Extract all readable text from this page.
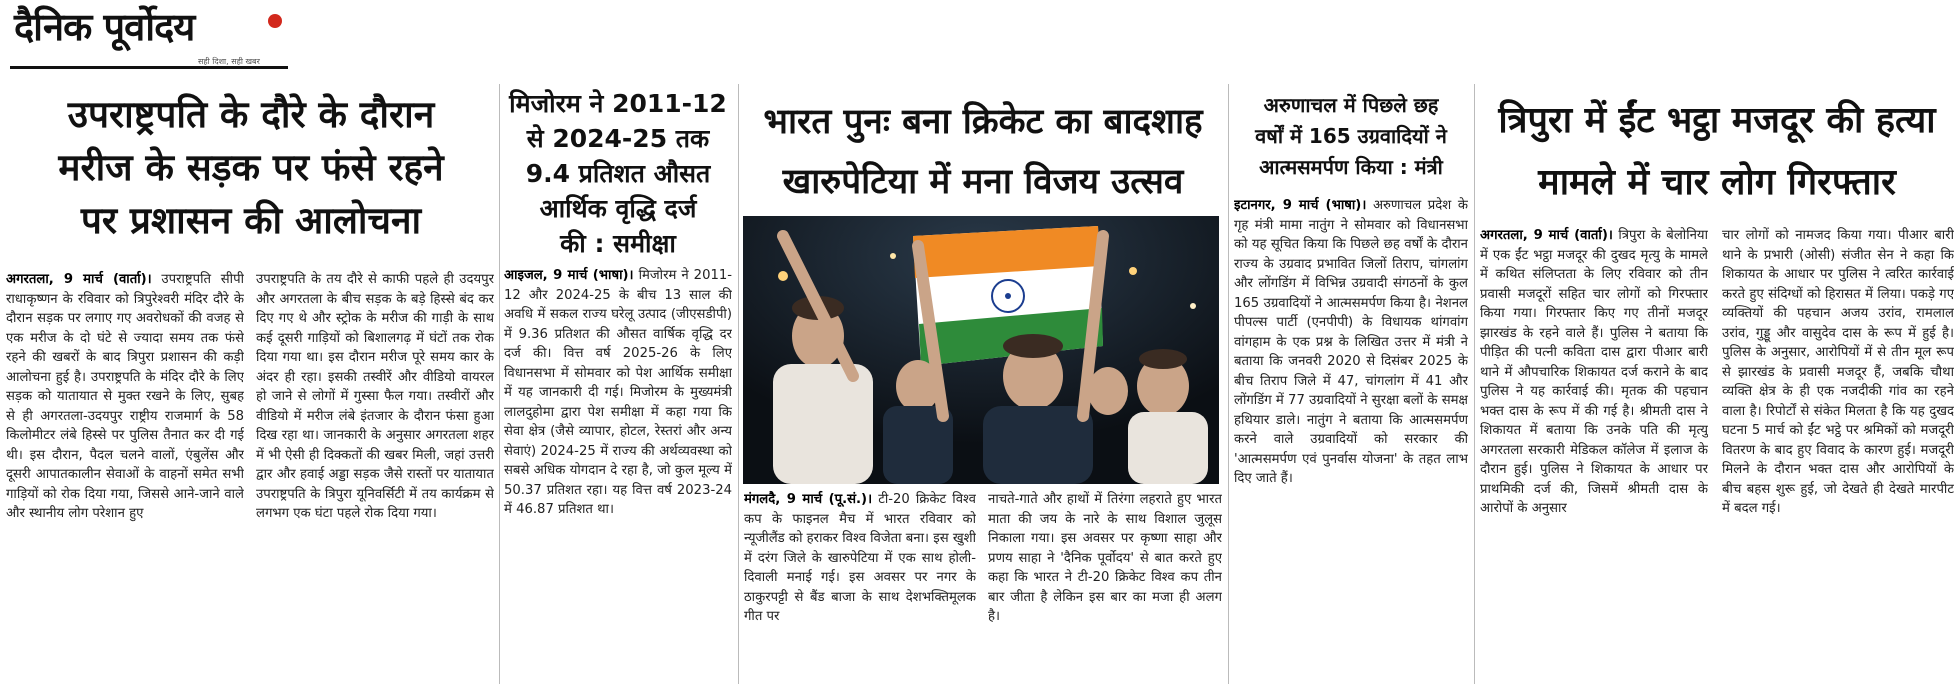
दैनिक पूर्वोदय
सही दिशा, सही खबर
उपराष्ट्रपति के दौरे के दौरान
मरीज के सड़क पर फंसे रहने
पर प्रशासन की आलोचना

अगरतला, 9 मार्च (वार्ता)। उपराष्ट्रपति सीपी राधाकृष्णन के रविवार को त्रिपुरेश्वरी मंदिर दौरे के दौरान सड़क पर लगाए गए अवरोधकों की वजह से एक मरीज के दो घंटे से ज्यादा समय तक फंसे रहने की खबरों के बाद त्रिपुरा प्रशासन की कड़ी आलोचना हुई है। उपराष्ट्रपति के मंदिर दौरे के लिए सड़क को यातायात से मुक्त रखने के लिए, सुबह से ही अगरतला-उदयपुर राष्ट्रीय राजमार्ग के 58 किलोमीटर लंबे हिस्से पर पुलिस तैनात कर दी गई थी। इस दौरान, पैदल चलने वालों, एंबुलेंस और दूसरी आपातकालीन सेवाओं के वाहनों समेत सभी गाड़ियों को रोक दिया गया, जिससे आने-जाने वाले और स्थानीय लोग परेशान हुए

उपराष्ट्रपति के तय दौरे से काफी पहले ही उदयपुर और अगरतला के बीच सड़क के बड़े हिस्से बंद कर दिए गए थे और स्ट्रोक के मरीज की गाड़ी के साथ कई दूसरी गाड़ियों को बिशालगढ़ में घंटों तक रोक दिया गया था। इस दौरान मरीज पूरे समय कार के अंदर ही रहा। इसकी तस्वीरें और वीडियो वायरल हो जाने से लोगों में गुस्सा फैल गया। तस्वीरों और वीडियो में मरीज लंबे इंतजार के दौरान फंसा हुआ दिख रहा था। जानकारी के अनुसार अगरतला शहर में भी ऐसी ही दिक्कतों की खबर मिली, जहां उत्तरी द्वार और हवाई अड्डा सड़क जैसे रास्तों पर यातायात उपराष्ट्रपति के त्रिपुरा यूनिवर्सिटी में तय कार्यक्रम से लगभग एक घंटा पहले रोक दिया गया।

मिजोरम ने 2011-12
से 2024-25 तक
9.4 प्रतिशत औसत
आर्थिक वृद्धि दर्ज
की : समीक्षा

आइजल, 9 मार्च (भाषा)। मिजोरम ने 2011-12 और 2024-25 के बीच 13 साल की अवधि में सकल राज्य घरेलू उत्पाद (जीएसडीपी) में 9.36 प्रतिशत की औसत वार्षिक वृद्धि दर दर्ज की। वित्त वर्ष 2025-26 के लिए विधानसभा में सोमवार को पेश आर्थिक समीक्षा में यह जानकारी दी गई। मिजोरम के मुख्यमंत्री लालदुहोमा द्वारा पेश समीक्षा में कहा गया कि सेवा क्षेत्र (जैसे व्यापार, होटल, रेस्तरां और अन्य सेवाएं) 2024-25 में राज्य की अर्थव्यवस्था को सबसे अधिक योगदान दे रहा है, जो कुल मूल्य में 50.37 प्रतिशत रहा। यह वित्त वर्ष 2023-24 में 46.87 प्रतिशत था।

भारत पुनः बना क्रिकेट का बादशाह
खारुपेटिया में मना विजय उत्सव

मंगलदै, 9 मार्च (पू.सं.)। टी-20 क्रिकेट विश्व कप के फाइनल मैच में भारत रविवार को न्यूजीलैंड को हराकर विश्व विजेता बना। इस खुशी में दरंग जिले के खारुपेटिया में एक साथ होली-दिवाली मनाई गई। इस अवसर पर नगर के ठाकुरपट्टी से बैंड बाजा के साथ देशभक्तिमूलक गीत पर

नाचते-गाते और हाथों में तिरंगा लहराते हुए भारत माता की जय के नारे के साथ विशाल जुलूस निकाला गया। इस अवसर पर कृष्णा साहा और प्रणय साहा ने 'दैनिक पूर्वोदय' से बात करते हुए कहा कि भारत ने टी-20 क्रिकेट विश्व कप तीन बार जीता है लेकिन इस बार का मजा ही अलग है।

अरुणाचल में पिछले छह
वर्षों में 165 उग्रवादियों ने
आत्मसमर्पण किया : मंत्री

इटानगर, 9 मार्च (भाषा)। अरुणाचल प्रदेश के गृह मंत्री मामा नातुंग ने सोमवार को विधानसभा को यह सूचित किया कि पिछले छह वर्षों के दौरान राज्य के उग्रवाद प्रभावित जिलों तिराप, चांगलांग और लोंगडिंग में विभिन्न उग्रवादी संगठनों के कुल 165 उग्रवादियों ने आत्मसमर्पण किया है। नेशनल पीपल्स पार्टी (एनपीपी) के विधायक थांगवांग वांगहाम के एक प्रश्न के लिखित उत्तर में मंत्री ने बताया कि जनवरी 2020 से दिसंबर 2025 के बीच तिराप जिले में 47, चांगलांग में 41 और लोंगडिंग में 77 उग्रवादियों ने सुरक्षा बलों के समक्ष हथियार डाले। नातुंग ने बताया कि आत्मसमर्पण करने वाले उग्रवादियों को सरकार की 'आत्मसमर्पण एवं पुनर्वास योजना' के तहत लाभ दिए जाते हैं।

त्रिपुरा में ईंट भट्ठा मजदूर की हत्या
मामले में चार लोग गिरफ्तार

अगरतला, 9 मार्च (वार्ता)। त्रिपुरा के बेलोनिया में एक ईंट भट्ठा मजदूर की दुखद मृत्यु के मामले में कथित संलिप्तता के लिए रविवार को तीन प्रवासी मजदूरों सहित चार लोगों को गिरफ्तार किया गया। गिरफ्तार किए गए तीनों मजदूर झारखंड के रहने वाले हैं। पुलिस ने बताया कि पीड़ित की पत्नी कविता दास द्वारा पीआर बारी थाने में औपचारिक शिकायत दर्ज कराने के बाद पुलिस ने यह कार्रवाई की। मृतक की पहचान भक्त दास के रूप में की गई है। श्रीमती दास ने शिकायत में बताया कि उनके पति की मृत्यु अगरतला सरकारी मेडिकल कॉलेज में इलाज के दौरान हुई। पुलिस ने शिकायत के आधार पर प्राथमिकी दर्ज की, जिसमें श्रीमती दास के आरोपों के अनुसार

चार लोगों को नामजद किया गया। पीआर बारी थाने के प्रभारी (ओसी) संजीत सेन ने कहा कि शिकायत के आधार पर पुलिस ने त्वरित कार्रवाई करते हुए संदिग्धों को हिरासत में लिया। पकड़े गए व्यक्तियों की पहचान अजय उरांव, रामलाल उरांव, गुड्डू और वासुदेव दास के रूप में हुई है। पुलिस के अनुसार, आरोपियों में से तीन मूल रूप से झारखंड के प्रवासी मजदूर हैं, जबकि चौथा व्यक्ति क्षेत्र के ही एक नजदीकी गांव का रहने वाला है। रिपोर्टों से संकेत मिलता है कि यह दुखद घटना 5 मार्च को ईंट भट्ठे पर श्रमिकों को मजदूरी वितरण के बाद हुए विवाद के कारण हुई। मजदूरी मिलने के दौरान भक्त दास और आरोपियों के बीच बहस शुरू हुई, जो देखते ही देखते मारपीट में बदल गई।
